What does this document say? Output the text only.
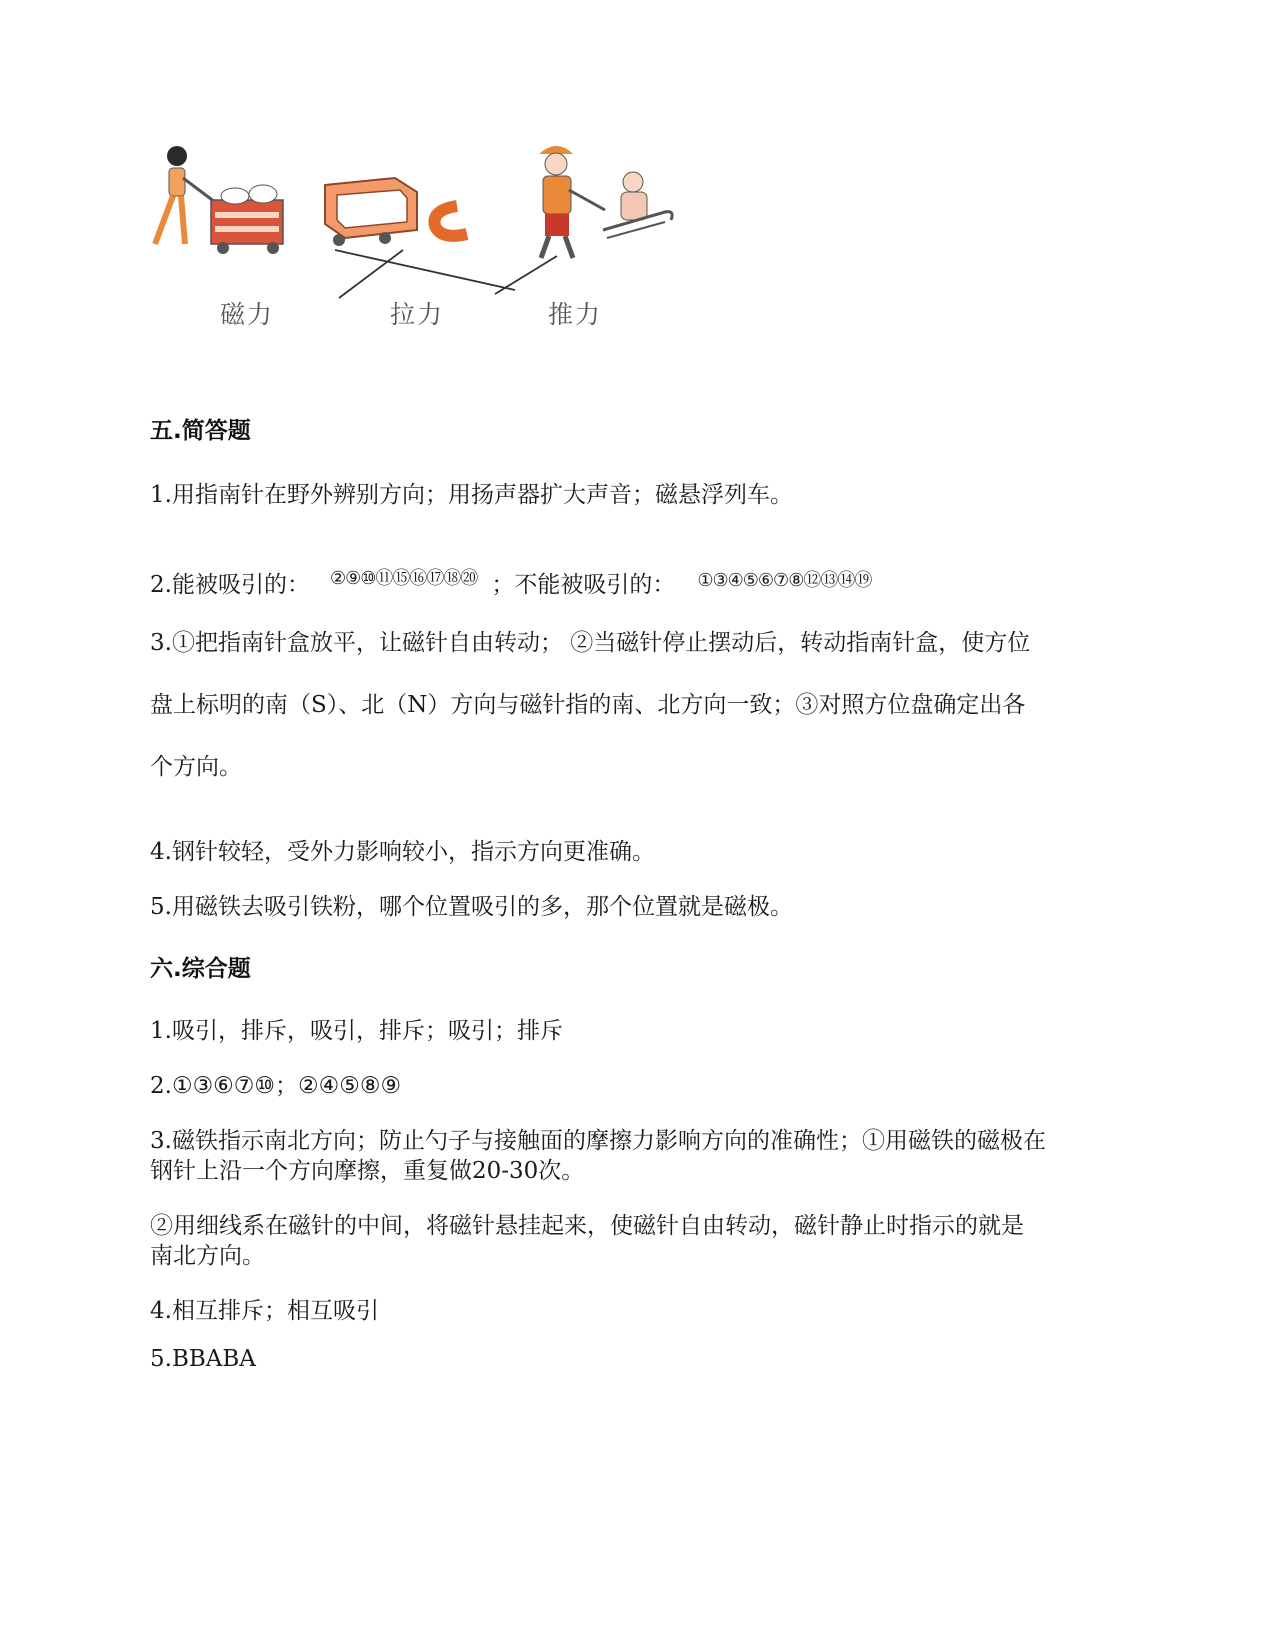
磁力	拉力	推力
五.简答题
1.用指南针在野外辨别方向；用扬声器扩大声音；磁悬浮列车。
2.能被吸引的： ②⑨⑩⑪⑮⑯⑰⑱⑳ ；不能被吸引的： ①③④⑤⑥⑦⑧⑫⑬⑭⑲
3.①把指南针盒放平，让磁针自由转动； ②当磁针停止摆动后，转动指南针盒，使方位
盘上标明的南（S）、北（N）方向与磁针指的南、北方向一致；③对照方位盘确定出各
个方向。
4.钢针较轻，受外力影响较小，指示方向更准确。
5.用磁铁去吸引铁粉，哪个位置吸引的多，那个位置就是磁极。
六.综合题
1.吸引，排斥，吸引，排斥；吸引；排斥
2.①③⑥⑦⑩；②④⑤⑧⑨
3.磁铁指示南北方向；防止勺子与接触面的摩擦力影响方向的准确性；①用磁铁的磁极在
钢针上沿一个方向摩擦，重复做20-30次。
②用细线系在磁针的中间，将磁针悬挂起来，使磁针自由转动，磁针静止时指示的就是
南北方向。
4.相互排斥；相互吸引
5.BBABA
